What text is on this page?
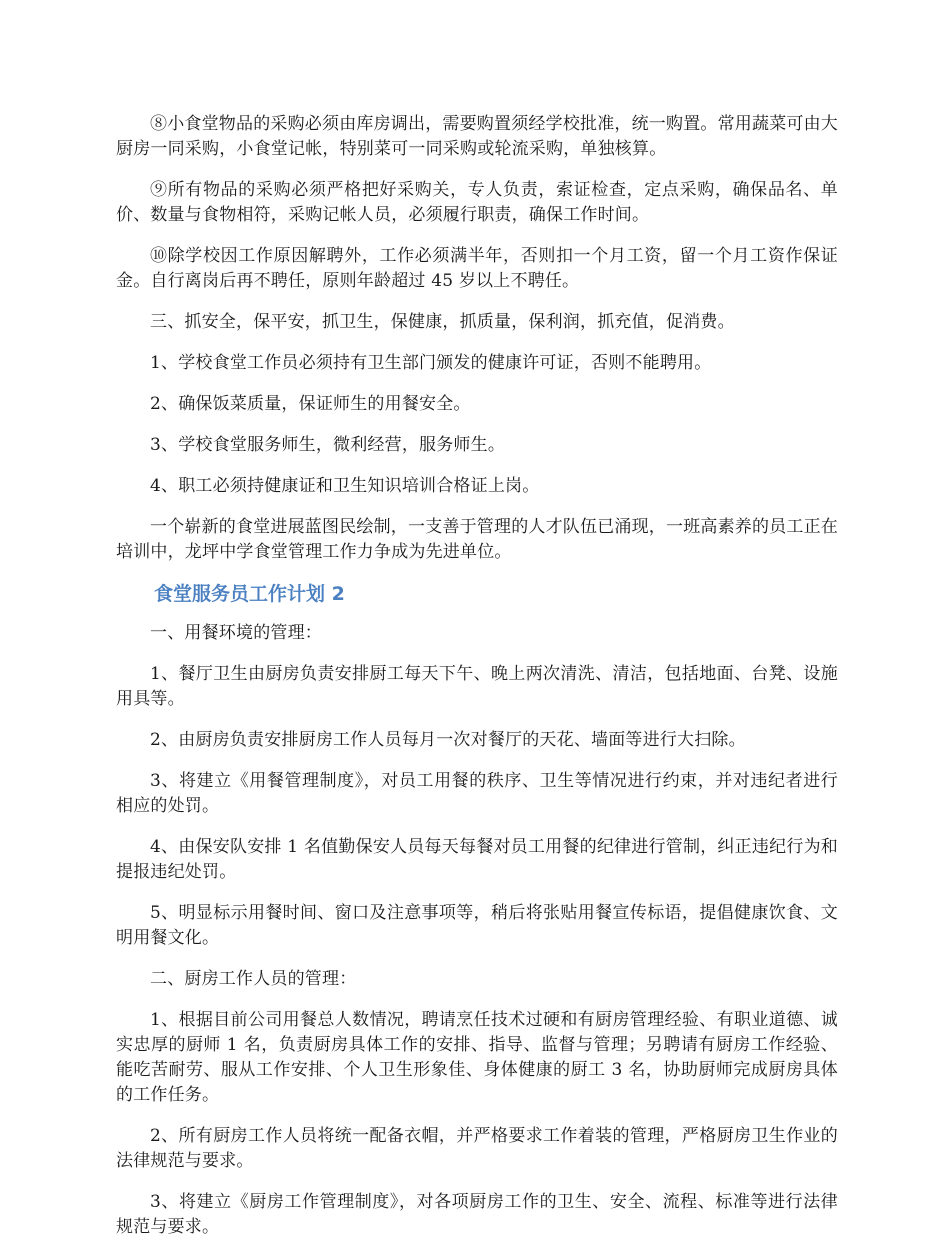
⑧小食堂物品的采购必须由库房调出，需要购置须经学校批准，统一购置。常用蔬菜可由大厨房一同采购，小食堂记帐，特别菜可一同采购或轮流采购，单独核算。

⑨所有物品的采购必须严格把好采购关，专人负责，索证检查，定点采购，确保品名、单价、数量与食物相符，采购记帐人员，必须履行职责，确保工作时间。

⑩除学校因工作原因解聘外，工作必须满半年，否则扣一个月工资，留一个月工资作保证金。自行离岗后再不聘任，原则年龄超过 45 岁以上不聘任。

三、抓安全，保平安，抓卫生，保健康，抓质量，保利润，抓充值，促消费。

1、学校食堂工作员必须持有卫生部门颁发的健康许可证，否则不能聘用。

2、确保饭菜质量，保证师生的用餐安全。

3、学校食堂服务师生，微利经营，服务师生。

4、职工必须持健康证和卫生知识培训合格证上岗。

一个崭新的食堂进展蓝图民绘制，一支善于管理的人才队伍已涌现，一班高素养的员工正在培训中，龙坪中学食堂管理工作力争成为先进单位。

食堂服务员工作计划 2

一、用餐环境的管理：

1、餐厅卫生由厨房负责安排厨工每天下午、晚上两次清洗、清洁，包括地面、台凳、设施用具等。

2、由厨房负责安排厨房工作人员每月一次对餐厅的天花、墙面等进行大扫除。

3、将建立《用餐管理制度》，对员工用餐的秩序、卫生等情况进行约束，并对违纪者进行相应的处罚。

4、由保安队安排 1 名值勤保安人员每天每餐对员工用餐的纪律进行管制，纠正违纪行为和提报违纪处罚。

5、明显标示用餐时间、窗口及注意事项等，稍后将张贴用餐宣传标语，提倡健康饮食、文明用餐文化。

二、厨房工作人员的管理：

1、根据目前公司用餐总人数情况，聘请烹任技术过硬和有厨房管理经验、有职业道德、诚实忠厚的厨师 1 名，负责厨房具体工作的安排、指导、监督与管理；另聘请有厨房工作经验、能吃苦耐劳、服从工作安排、个人卫生形象佳、身体健康的厨工 3 名，协助厨师完成厨房具体的工作任务。

2、所有厨房工作人员将统一配备衣帽，并严格要求工作着装的管理，严格厨房卫生作业的法律规范与要求。

3、将建立《厨房工作管理制度》，对各项厨房工作的卫生、安全、流程、标准等进行法律规范与要求。
